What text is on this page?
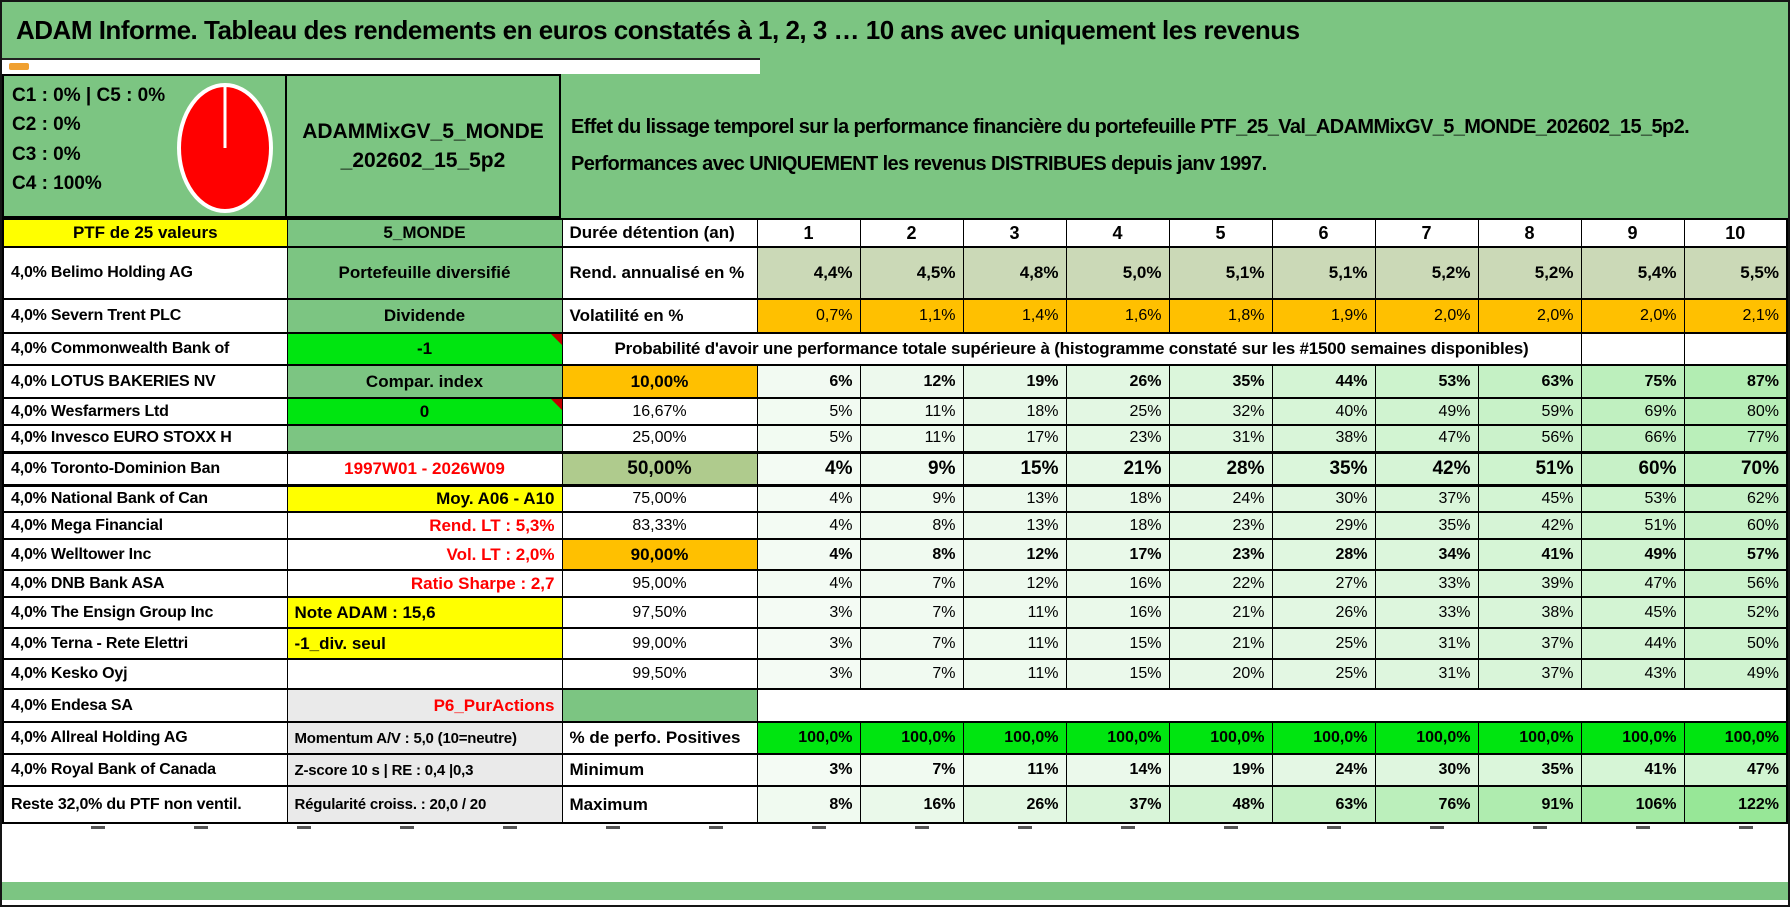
ADAM Informe. Tableau des rendements en euros constatés à 1, 2, 3 … 10 ans avec uniquement les revenus
C1 : 0% | C5 : 0%
C2 : 0%
C3 : 0%
C4 : 100%
ADAMMixGV_5_MONDE_202602_15_5p2
Effet du lissage temporel sur la performance financière du portefeuille PTF_25_Val_ADAMMixGV_5_MONDE_202602_15_5p2.
Performances avec UNIQUEMENT les revenus DISTRIBUES depuis janv 1997.
PTF de 25 valeurs	5_MONDE	Durée détention (an)	1	2	3	4	5	6	7	8	9	10
4,0% Belimo Holding AG	Portefeuille diversifié	Rend. annualisé en %	4,4%	4,5%	4,8%	5,0%	5,1%	5,1%	5,2%	5,2%	5,4%	5,5%
4,0% Severn Trent PLC	Dividende	Volatilité en %	0,7%	1,1%	1,4%	1,6%	1,8%	1,9%	2,0%	2,0%	2,0%	2,1%
4,0% Commonwealth Bank of	-1	Probabilité d'avoir une performance totale supérieure à (histogramme constaté sur les #1500 semaines disponibles)										
4,0% LOTUS BAKERIES NV	Compar. index	10,00%	6%	12%	19%	26%	35%	44%	53%	63%	75%	87%
4,0% Wesfarmers Ltd	0	16,67%	5%	11%	18%	25%	32%	40%	49%	59%	69%	80%
4,0% Invesco EURO STOXX H		25,00%	5%	11%	17%	23%	31%	38%	47%	56%	66%	77%
4,0% Toronto-Dominion Ban	1997W01 - 2026W09	50,00%	4%	9%	15%	21%	28%	35%	42%	51%	60%	70%
4,0% National Bank of Can	Moy. A06 - A10	75,00%	4%	9%	13%	18%	24%	30%	37%	45%	53%	62%
4,0% Mega Financial	Rend. LT : 5,3%	83,33%	4%	8%	13%	18%	23%	29%	35%	42%	51%	60%
4,0% Welltower Inc	Vol. LT : 2,0%	90,00%	4%	8%	12%	17%	23%	28%	34%	41%	49%	57%
4,0% DNB Bank ASA	Ratio Sharpe : 2,7	95,00%	4%	7%	12%	16%	22%	27%	33%	39%	47%	56%
4,0% The Ensign Group Inc	Note ADAM : 15,6	97,50%	3%	7%	11%	16%	21%	26%	33%	38%	45%	52%
4,0% Terna - Rete Elettri	-1_div. seul	99,00%	3%	7%	11%	15%	21%	25%	31%	37%	44%	50%
4,0% Kesko Oyj		99,50%	3%	7%	11%	15%	20%	25%	31%	37%	43%	49%
4,0% Endesa SA	P6_PurActions											
4,0% Allreal Holding AG	Momentum A/V : 5,0 (10=neutre)	% de perfo. Positives	100,0%	100,0%	100,0%	100,0%	100,0%	100,0%	100,0%	100,0%	100,0%	100,0%
4,0% Royal Bank of Canada	Z-score 10 s | RE : 0,4 |0,3	Minimum	3%	7%	11%	14%	19%	24%	30%	35%	41%	47%
Reste 32,0% du PTF non ventil.	Régularité croiss. : 20,0 / 20	Maximum	8%	16%	26%	37%	48%	63%	76%	91%	106%	122%
